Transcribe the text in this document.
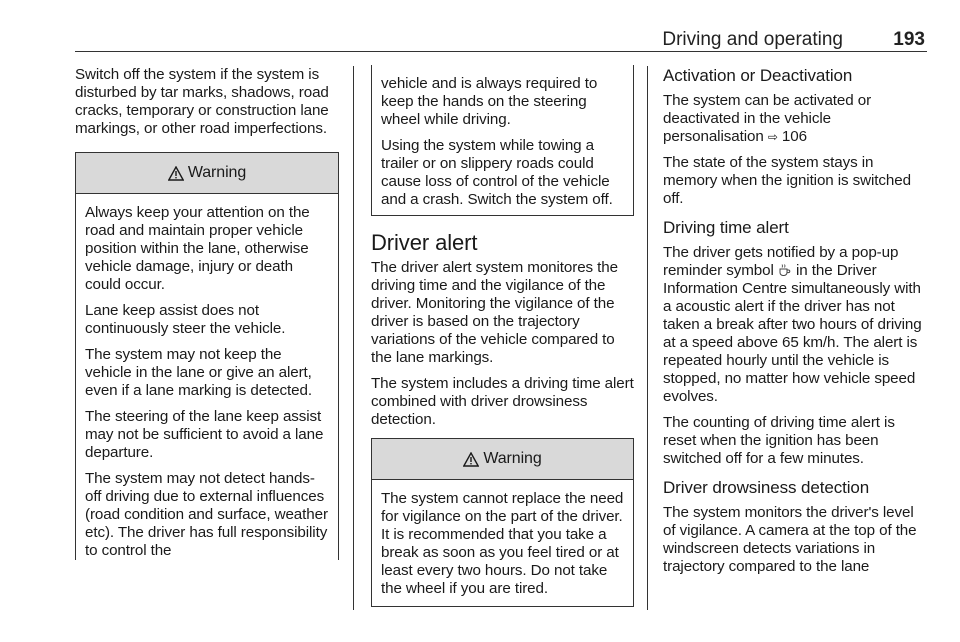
Driving and operating	193

Switch off the system if the system is disturbed by tar marks, shadows, road cracks, temporary or construction lane markings, or other road imperfections.

Warning

Always keep your attention on the road and maintain proper vehicle position within the lane, otherwise vehicle damage, injury or death could occur.

Lane keep assist does not continuously steer the vehicle.

The system may not keep the vehicle in the lane or give an alert, even if a lane marking is detected.

The steering of the lane keep assist may not be sufficient to avoid a lane departure.

The system may not detect hands-off driving due to external influences (road condition and surface, weather etc). The driver has full responsibility to control the

vehicle and is always required to keep the hands on the steering wheel while driving.

Using the system while towing a trailer or on slippery roads could cause loss of control of the vehicle and a crash. Switch the system off.

Driver alert

The driver alert system monitores the driving time and the vigilance of the driver. Monitoring the vigilance of the driver is based on the trajectory variations of the vehicle compared to the lane markings.

The system includes a driving time alert combined with driver drowsiness detection.

Warning

The system cannot replace the need for vigilance on the part of the driver. It is recommended that you take a break as soon as you feel tired or at least every two hours. Do not take the wheel if you are tired.

Activation or Deactivation

The system can be activated or deactivated in the vehicle personalisation ⇨ 106

The state of the system stays in memory when the ignition is switched off.

Driving time alert

The driver gets notified by a pop-up reminder symbol in the Driver Information Centre simultaneously with a acoustic alert if the driver has not taken a break after two hours of driving at a speed above 65 km/h. The alert is repeated hourly until the vehicle is stopped, no matter how vehicle speed evolves.

The counting of driving time alert is reset when the ignition has been switched off for a few minutes.

Driver drowsiness detection

The system monitors the driver's level of vigilance. A camera at the top of the windscreen detects variations in trajectory compared to the lane
